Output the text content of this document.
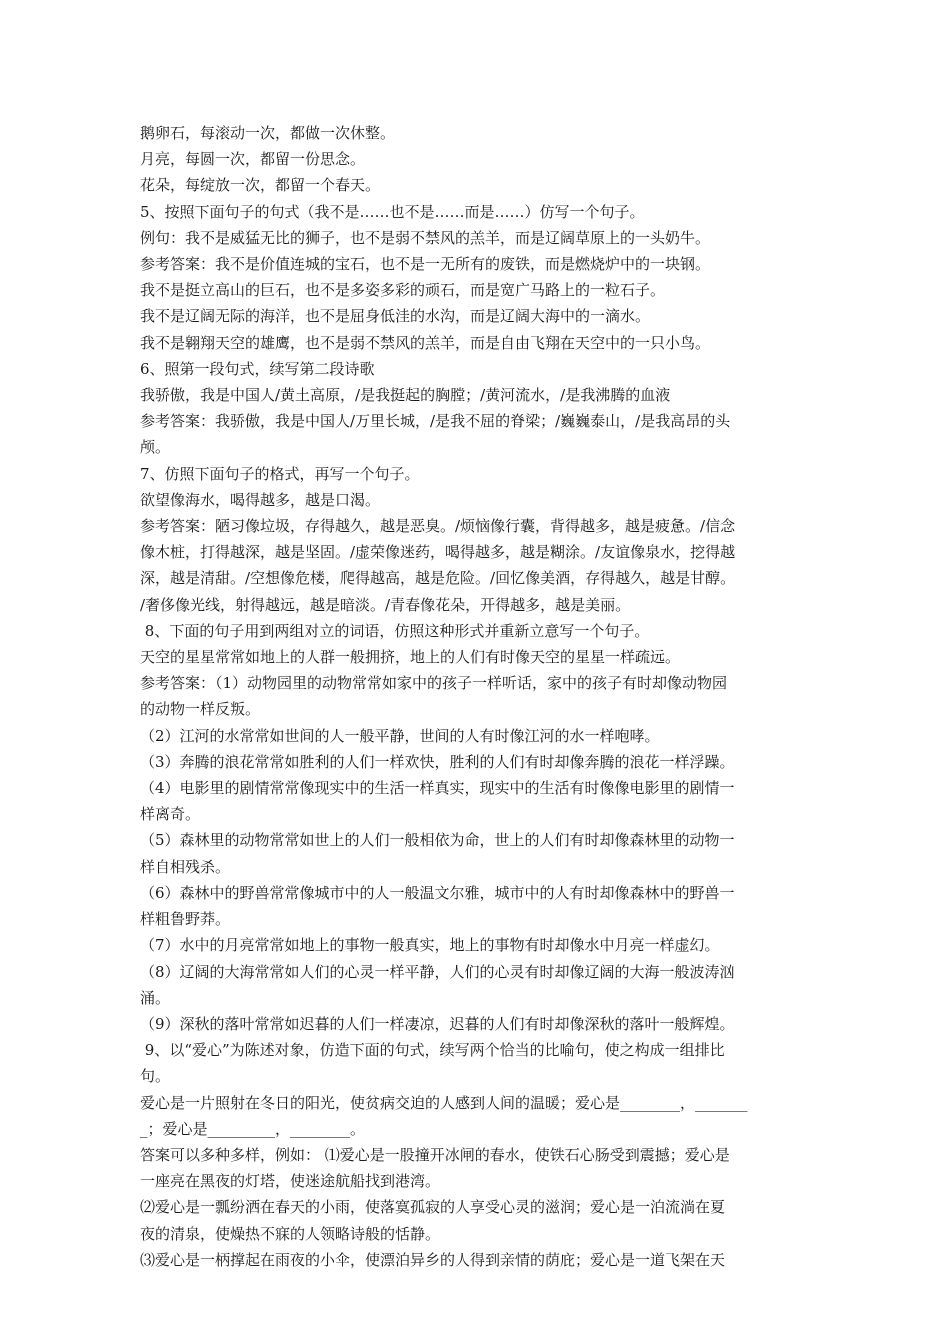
鹅卵石，每滚动一次，都做一次休整。
月亮，每圆一次，都留一份思念。
花朵，每绽放一次，都留一个春天。
5、按照下面句子的句式（我不是……也不是……而是……）仿写一个句子。
例句：我不是威猛无比的狮子，也不是弱不禁风的羔羊，而是辽阔草原上的一头奶牛。
参考答案：我不是价值连城的宝石，也不是一无所有的废铁，而是燃烧炉中的一块钢。
我不是挺立高山的巨石，也不是多姿多彩的顽石，而是宽广马路上的一粒石子。
我不是辽阔无际的海洋，也不是屈身低洼的水沟，而是辽阔大海中的一滴水。
我不是翱翔天空的雄鹰，也不是弱不禁风的羔羊，而是自由飞翔在天空中的一只小鸟。
6、照第一段句式，续写第二段诗歌
我骄傲，我是中国人/黄土高原，/是我挺起的胸膛；/黄河流水，/是我沸腾的血液
参考答案：我骄傲，我是中国人/万里长城，/是我不屈的脊梁；/巍巍泰山，/是我高昂的头
颅。
7、仿照下面句子的格式，再写一个句子。
欲望像海水，喝得越多，越是口渴。
参考答案：陋习像垃圾，存得越久，越是恶臭。/烦恼像行囊，背得越多，越是疲惫。/信念
像木桩，打得越深，越是坚固。/虚荣像迷药，喝得越多，越是糊涂。/友谊像泉水，挖得越
深，越是清甜。/空想像危楼，爬得越高，越是危险。/回忆像美酒，存得越久，越是甘醇。
/奢侈像光线，射得越远，越是暗淡。/青春像花朵，开得越多，越是美丽。
8、下面的句子用到两组对立的词语，仿照这种形式并重新立意写一个句子。
天空的星星常常如地上的人群一般拥挤，地上的人们有时像天空的星星一样疏远。
参考答案：（1）动物园里的动物常常如家中的孩子一样听话，家中的孩子有时却像动物园
的动物一样反叛。
（2）江河的水常常如世间的人一般平静，世间的人有时像江河的水一样咆哮。
（3）奔腾的浪花常常如胜利的人们一样欢快，胜利的人们有时却像奔腾的浪花一样浮躁。
（4）电影里的剧情常常像现实中的生活一样真实，现实中的生活有时像像电影里的剧情一
样离奇。
（5）森林里的动物常常如世上的人们一般相依为命，世上的人们有时却像森林里的动物一
样自相残杀。
（6）森林中的野兽常常像城市中的人一般温文尔雅，城市中的人有时却像森林中的野兽一
样粗鲁野莽。
（7）水中的月亮常常如地上的事物一般真实，地上的事物有时却像水中月亮一样虚幻。
（8）辽阔的大海常常如人们的心灵一样平静，人们的心灵有时却像辽阔的大海一般波涛汹
涌。
（9）深秋的落叶常常如迟暮的人们一样凄凉，迟暮的人们有时却像深秋的落叶一般辉煌。
9、以“爱心”为陈述对象，仿造下面的句式，续写两个恰当的比喻句，使之构成一组排比
句。
爱心是一片照射在冬日的阳光，使贫病交迫的人感到人间的温暖；爱心是________，_______
_；爱心是_________，________。
答案可以多种多样，例如： ⑴爱心是一股撞开冰闸的春水，使铁石心肠受到震撼；爱心是
一座亮在黑夜的灯塔，使迷途航船找到港湾。
⑵爱心是一瓢纷洒在春天的小雨，使落寞孤寂的人享受心灵的滋润；爱心是一泊流淌在夏
夜的清泉，使燥热不寐的人领略诗般的恬静。
⑶爱心是一柄撑起在雨夜的小伞，使漂泊异乡的人得到亲情的荫庇；爱心是一道飞架在天
